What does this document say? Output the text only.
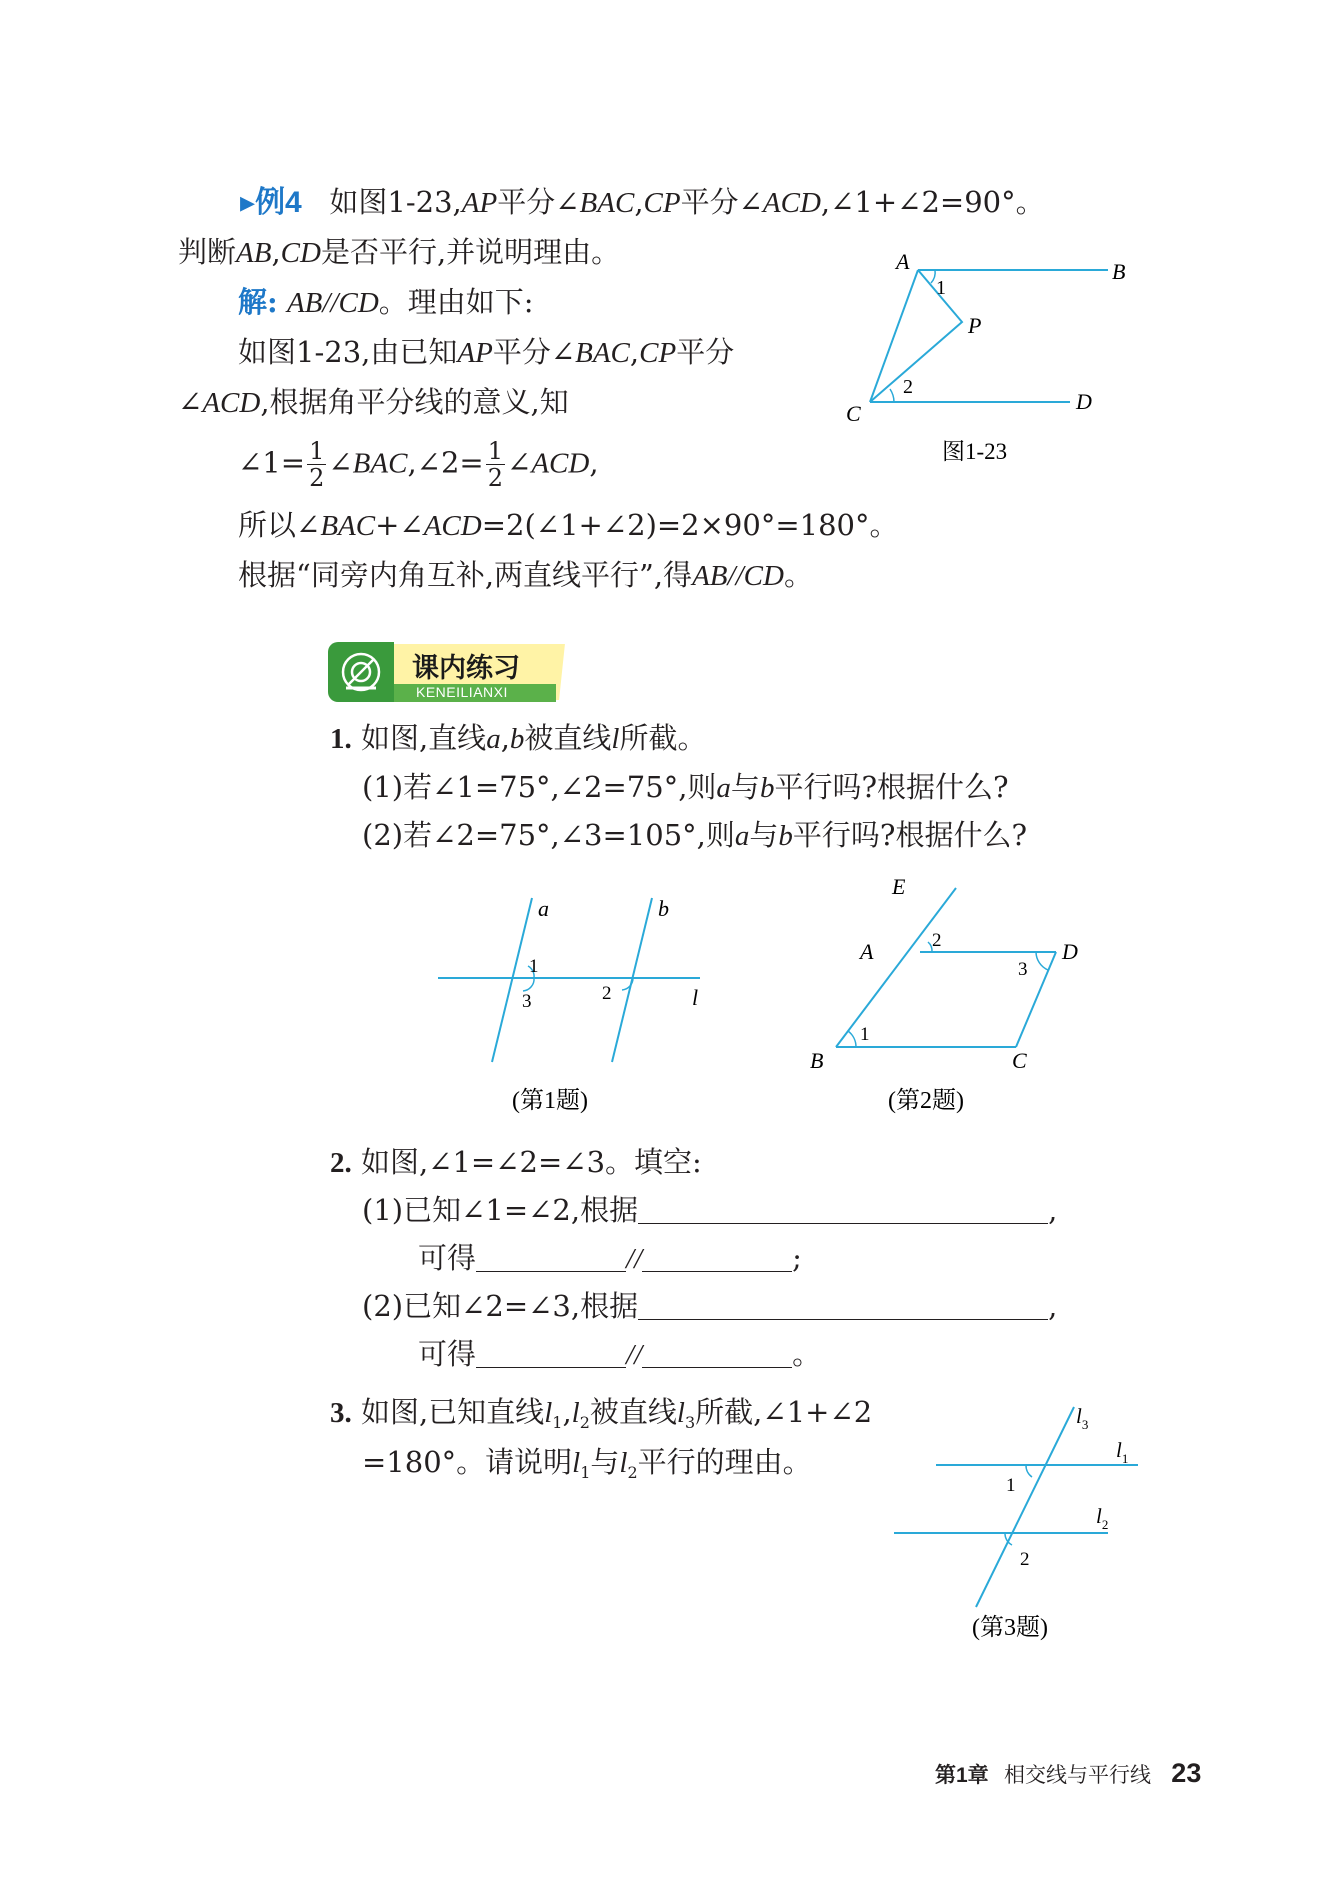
▸例4 如图1-23,AP平分∠BAC,CP平分∠ACD,∠1+∠2=90°。
判断AB,CD是否平行,并说明理由。
解: AB//CD。理由如下:
如图1-23,由已知AP平分∠BAC,CP平分
∠ACD,根据角平分线的意义,知
∠1= $\frac{1}{2}$ ∠BAC,∠2= $\frac{1}{2}$ ∠ACD,
所以∠BAC+∠ACD=2(∠1+∠2)=2×90°=180°。
根据“同旁内角互补,两直线平行”,得AB//CD。
A	B
P
C	D
1
2
图1-23
课内练习
KENEILIANXI
1. 如图,直线a,b被直线l所截。
(1)若∠1=75°,∠2=75°,则a与b平行吗?根据什么?
(2)若∠2=75°,∠3=105°,则a与b平行吗?根据什么?
a	b
l
1
3	2
(第1题)
E
A	D
B	C
2
3
1
(第2题)
2. 如图,∠1=∠2=∠3。填空:
(1)已知∠1=∠2,根据	,
可得	//	;
(2)已知∠2=∠3,根据	,
可得	//	。
3. 如图,已知直线$l_1,l_2$被直线$l_3$所截,∠1+∠2
=180°。请说明$l_1$与$l_2$平行的理由。
$l_3$
$l_1$
$l_2$
1
2
(第3题)
第1章 相交线与平行线 23
